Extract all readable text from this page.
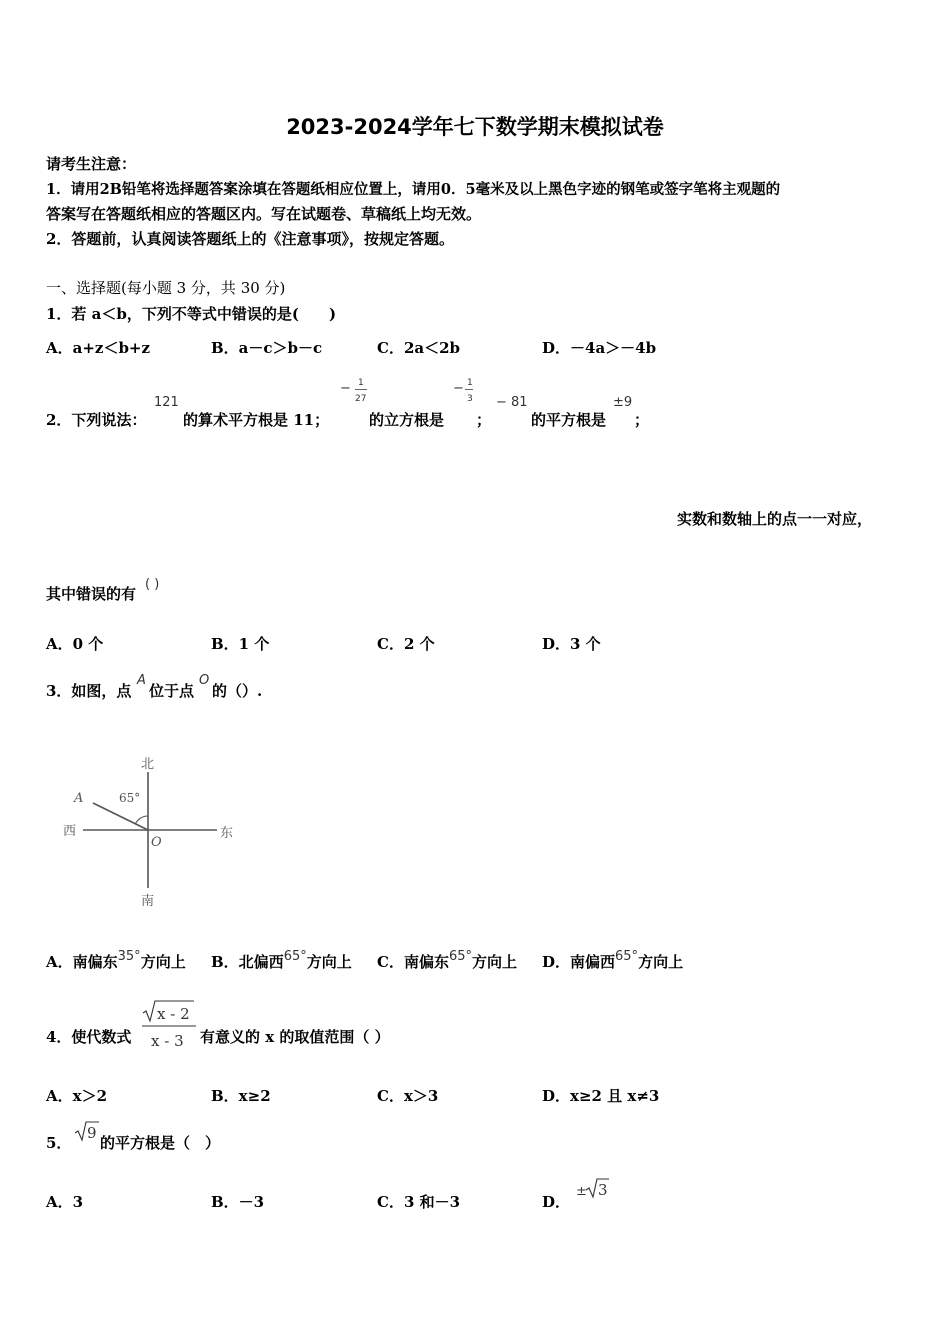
2023-2024学年七下数学期末模拟试卷
请考生注意：
1．请用2B铅笔将选择题答案涂填在答题纸相应位置上，请用0．5毫米及以上黑色字迹的钢笔或签字笔将主观题的
答案写在答题纸相应的答题区内。写在试题卷、草稿纸上均无效。
2．答题前，认真阅读答题纸上的《注意事项》，按规定答题。
一、选择题(每小题 3 分，共 30 分)
1．若 a＜b，下列不等式中错误的是(　　)
A．a+z＜b+z	B．a－c＞b－c	C．2a＜2b	D．－4a＞－4b
2．下列说法：
121
的算术平方根是 11；
− 1
27
的立方根是
− 1
3
；
− 81
的平方根是
±9
；
实数和数轴上的点一一对应，
其中错误的有
( )
A．0 个	B．1 个	C．2 个	D．3 个
3．如图，点
A
位于点
O
的（）.
北
南
西	东
A
O
65°
A．南偏东35°方向上 B．北偏西65°方向上 C．南偏东65°方向上 D．南偏西65°方向上
4．使代数式
x - 2
x - 3 有意义的 x 的取值范围（ ）
A．x＞2	B．x≥2	C．x＞3	D．x≥2 且 x≠3
5．
9
的平方根是（　）
A．3	B．－3	C．3 和－3	D．
± 3
